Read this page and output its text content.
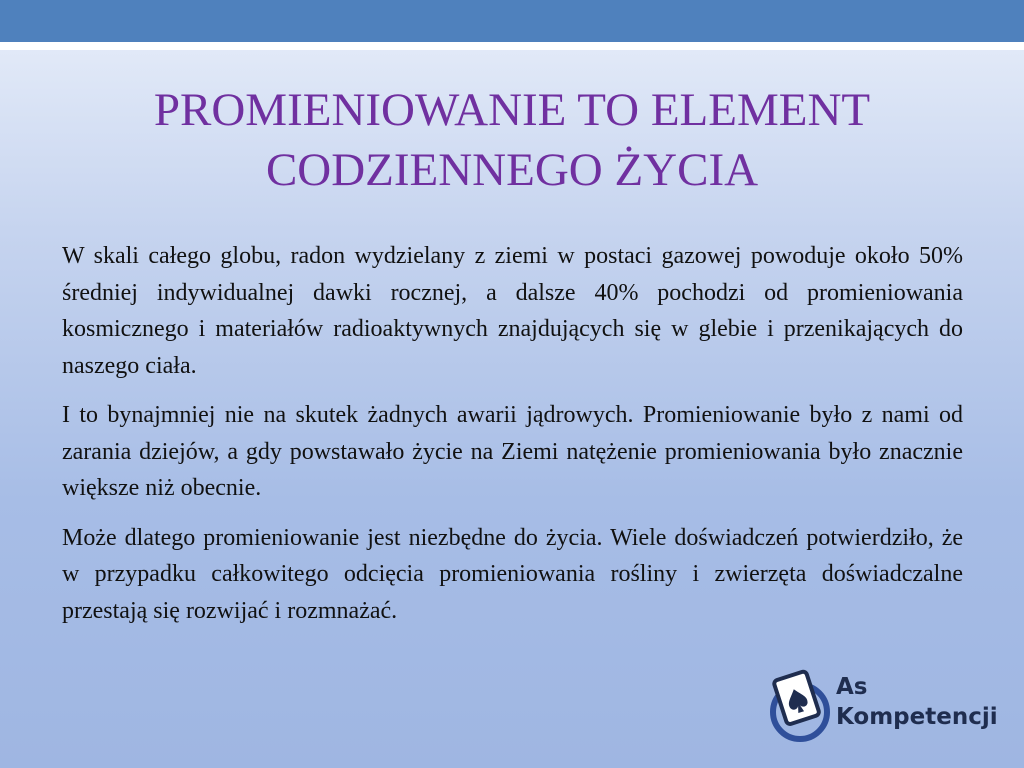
PROMIENIOWANIE TO ELEMENT CODZIENNEGO ŻYCIA

W skali całego globu, radon wydzielany z ziemi w postaci gazowej powoduje około 50% średniej indywidualnej dawki rocznej, a dalsze 40% pochodzi od promieniowania kosmicznego i materiałów radioaktywnych znajdujących się w glebie i przenikających do naszego ciała.

I to bynajmniej nie na skutek żadnych awarii jądrowych. Promieniowanie było z nami od zarania dziejów, a gdy powstawało życie na Ziemi natężenie promieniowania było znacznie większe niż obecnie.

Może dlatego promieniowanie jest niezbędne do życia. Wiele doświadczeń potwierdziło, że w przypadku całkowitego odcięcia promieniowania rośliny i zwierzęta doświadczalne przestają się rozwijać i rozmnażać.

As
Kompetencji
